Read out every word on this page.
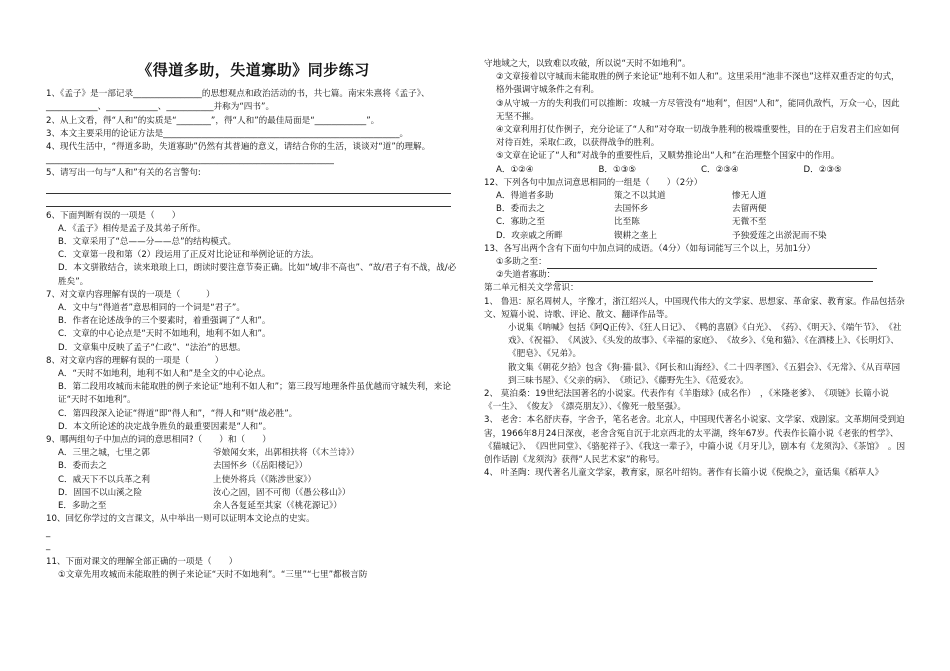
《得道多助，失道寡助》同步练习
1、《孟子》是一部记录________________的思想观点和政治活动的书，共七篇。南宋朱熹将《孟子》、____________、____________、___________并称为“四书”。
2、从上文看，得“人和”的实质是“________”，得“人和”的最佳局面是“____________”。
3、本文主要采用的论证方法是_______________________________________________________。
4、现代生活中，“得道多助，失道寡助”仍然有其普遍的意义，请结合你的生活，谈谈对“道”的理解。___________________________________________________________________
5、请写出一句与“人和”有关的名言警句:
6、下面判断有误的一项是（　　）
A．《孟子》相传是孟子及其弟子所作。
B．文章采用了“总——分——总”的结构模式。
C．文章第一段和第（2）段运用了正反对比论证和举例论证的方法。
D．本文骈散结合，读来琅琅上口，朗读时要注意节奏正确。比如“域/非不高也”、“故/君子有不战，战/必胜矣”。
7、对文章内容理解有误的一项是（　　　）
A．文中与“得道者”意思相同的一个词是“君子”。
B．作者在论述战争的三个要素时，着重强调了“人和”。
C．文章的中心论点是“天时不如地利，地利不如人和”。
D．文章集中反映了孟子“仁政”、“法治”的思想。
8、对文章内容的理解有误的一项是（　　　）
A．“天时不如地利，地利不如人和”是全文的中心论点。
B．第二段用攻城而未能取胜的例子来论证“地利不如人和”；第三段写地理条件虽优越而守城失利，来论证“天时不如地利”。
C．第四段深入论证“得道”即“得人和”，“得人和”则“战必胜”。
D．本文所论述的决定战争胜负的最重要因素是“人和”。
9、哪两组句子中加点的词的意思相同?（　　）和（　　）
A．三里之城，七里之郭	爷娘闻女来，出郭相扶将（《木兰诗》）
B．委而去之	去国怀乡（《岳阳楼记》）
C．威天下不以兵革之利	上使外将兵（《陈涉世家》）
D．固国不以山溪之险	汝心之固，固不可彻（《愚公移山》）
E．多助之至	余人各复延至其家（《桃花源记》）
10、回忆你学过的文言课文，从中举出一则可以证明本文论点的史实。
_
_
11、下面对课文的理解全部正确的一项是（　　）
①文章先用攻城而未能取胜的例子来论证“天时不如地利”。“三里”“七里”都极言防
守地域之大，以致难以攻破，所以说“天时不如地利”。
②文章接着以守城而未能取胜的例子来论证“地利不如人和”。这里采用“池非不深也”这样双重否定的句式，格外强调守城条件之有利。
③从守城一方的失利我们可以推断：攻城一方尽管没有“地利”，但因“人和”，能同仇敌忾，万众一心，因此无坚不摧。
④文章利用打仗作例子，充分论证了“人和”对夺取一切战争胜利的极端重要性，目的在于启发君主们应如何对待百姓，采取仁政，以获得战争的胜利。
⑤文章在论证了“人和”对战争的重要性后，又顺势推论出“人和”在治理整个国家中的作用。
A．①②④	B．①③⑤	C．②③④	D．②③⑤
12、下列各句中加点词意思相同的一组是（　　）（2分）
A．得道者多助	策之不以其道	惨无人道
B．委而去之	去国怀乡	去留两便
C．寡助之至	比至陈	无微不至
D．攻亲戚之所畔	锲耕之垄上	予独爱莲之出淤泥而不染
13、各写出两个含有下面句中加点词的成语。（4分）（如每词能写三个以上，另加1分）
①多助之至：
②失道者寡助：
第二单元相关文学常识：
1、 鲁迅：原名周树人，字豫才，浙江绍兴人，中国现代伟大的文学家、思想家、革命家、教育家。作品包括杂文、短篇小说、诗歌、评论、散文、翻译作品等。
小说集《呐喊》包括《阿Q正传》、《狂人日记》、　《鸭的喜剧》《白光》、　《药》、《明天》、《端午节》、　《社戏》、《祝福》、　《风波》、《头发的故事》、《幸福的家庭》、　《故乡》、《兔和猫》、《在酒楼上》、《长明灯》、《肥皂》、《兄弟》。
散文集《朝花夕拾》包含《狗·猫·鼠》、《阿长和山海经》、《二十四孝图》、《五猖会》、《无常》、《从百草园到三味书屋》、《父亲的病》、　《琐记》、《藤野先生》、《范爱农》。
2、 莫泊桑：19世纪法国著名的小说家。代表作有《羊脂球》(成名作）　，《米隆老爹》、　《项链》长篇小说《一生》、　《俊友》　《漂亮朋友》）、《像死一般坚强》。
3、 老舍：本名舒庆春，字舍予，笔名老舍。北京人，中国现代著名小说家、文学家、戏剧家。文革期间受到迫害，1966年8月24日深夜，老舍含冤自沉于北京西北的太平湖，终年67岁。代表作长篇小说《老张的哲学》、《猫城记》、　《四世同堂》、《骆驼祥子》、《我这一辈子》，中篇小说《月牙儿》，剧本有《龙须沟》、《茶馆》　。因创作话剧《龙须沟》获得“人民艺术家”的称号。
4、 叶圣陶：现代著名儿童文学家，教育家，原名叶绍钧。著作有长篇小说《倪焕之》，童话集《稻草人》
